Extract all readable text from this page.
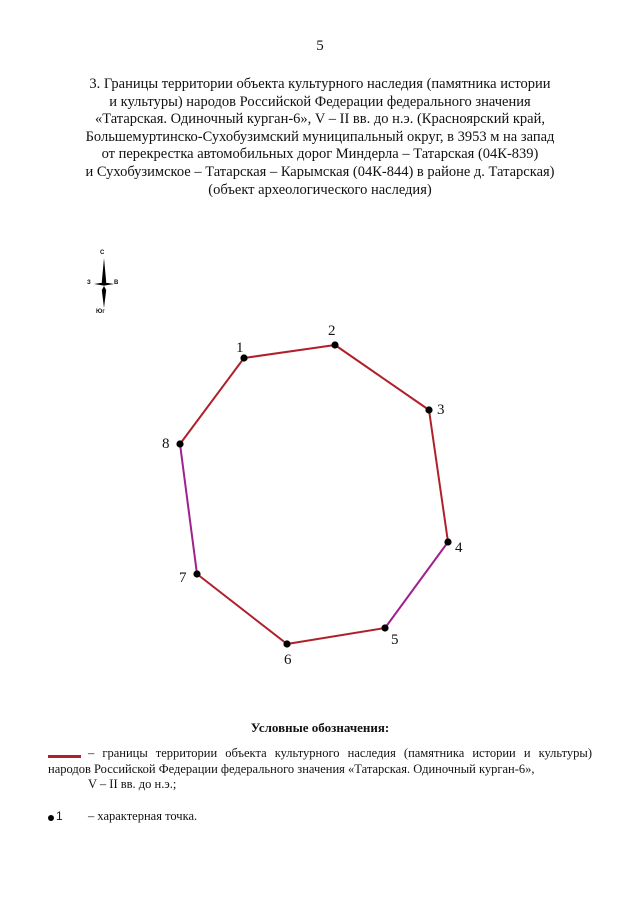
5
3. Границы территории объекта культурного наследия (памятника истории
и культуры) народов Российской Федерации федерального значения
«Татарская. Одиночный курган-6», V – II вв. до н.э. (Красноярский край,
Большемуртинско-Сухобузимский муниципальный округ, в 3953 м на запад
от перекрестка автомобильных дорог Миндерла – Татарская (04К-839)
и Сухобузимское – Татарская – Карымская (04К-844) в районе д. Татарская)
(объект археологического наследия)
С
З	В
Юг
1
2
3
4
5
6
7
8
Условные обозначения:
– границы территории объекта культурного наследия (памятника истории и культуры) народов Российской Федерации федерального значения «Татарская. Одиночный курган-6»,
V – II вв. до н.э.;
1 – характерная точка.
